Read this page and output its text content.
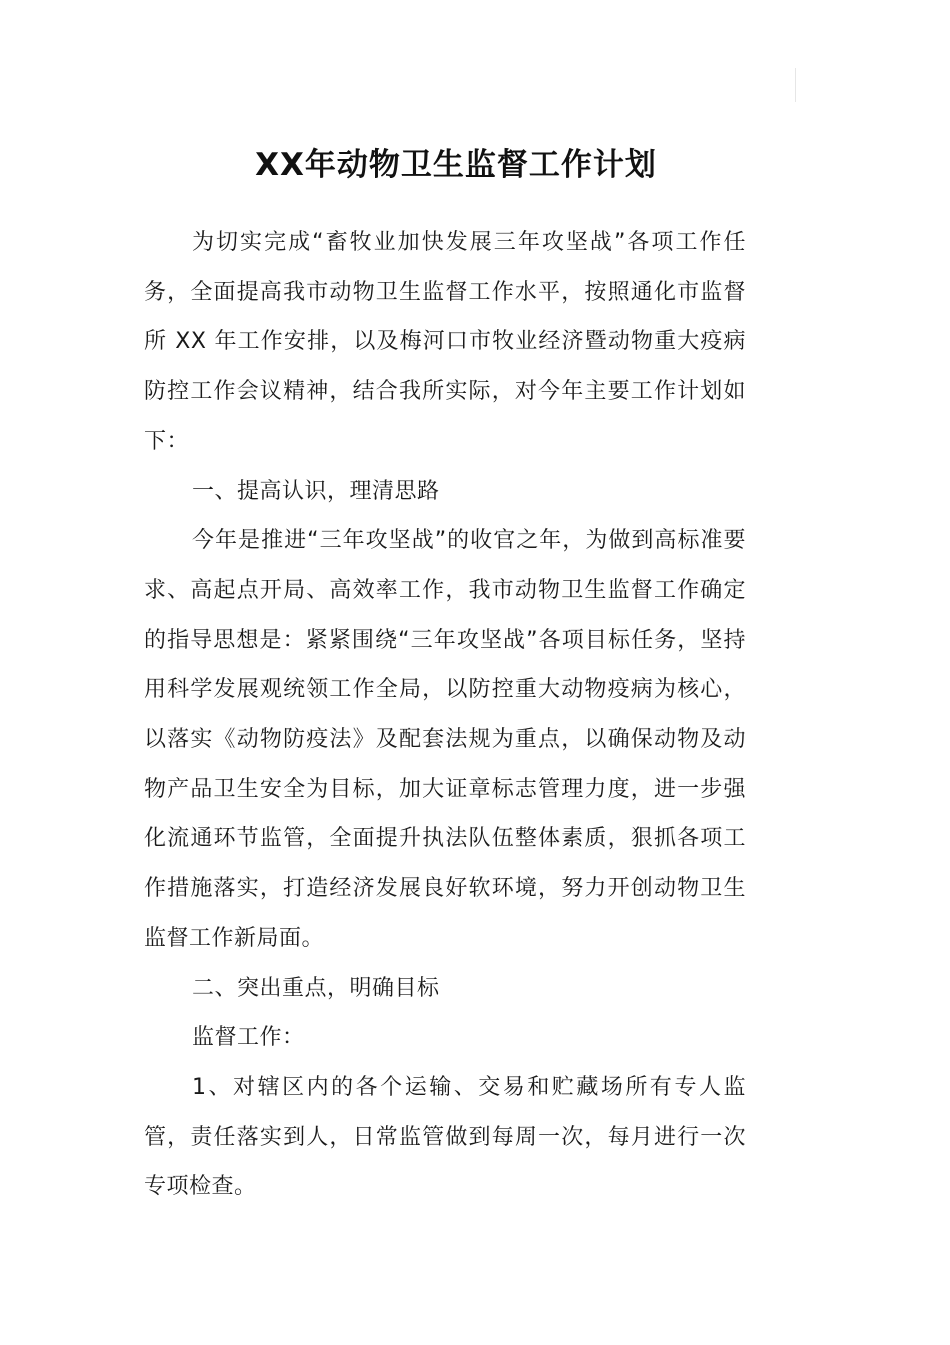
XX年动物卫生监督工作计划

为切实完成“畜牧业加快发展三年攻坚战”各项工作任务，全面提高我市动物卫生监督工作水平，按照通化市监督所 XX 年工作安排，以及梅河口市牧业经济暨动物重大疫病防控工作会议精神，结合我所实际，对今年主要工作计划如下：

一、提高认识，理清思路

今年是推进“三年攻坚战”的收官之年，为做到高标准要求、高起点开局、高效率工作，我市动物卫生监督工作确定的指导思想是：紧紧围绕“三年攻坚战”各项目标任务，坚持用科学发展观统领工作全局，以防控重大动物疫病为核心，以落实《动物防疫法》及配套法规为重点，以确保动物及动物产品卫生安全为目标，加大证章标志管理力度，进一步强化流通环节监管，全面提升执法队伍整体素质，狠抓各项工作措施落实，打造经济发展良好软环境，努力开创动物卫生监督工作新局面。

二、突出重点，明确目标

监督工作：

1、对辖区内的各个运输、交易和贮藏场所有专人监管，责任落实到人，日常监管做到每周一次，每月进行一次专项检查。
